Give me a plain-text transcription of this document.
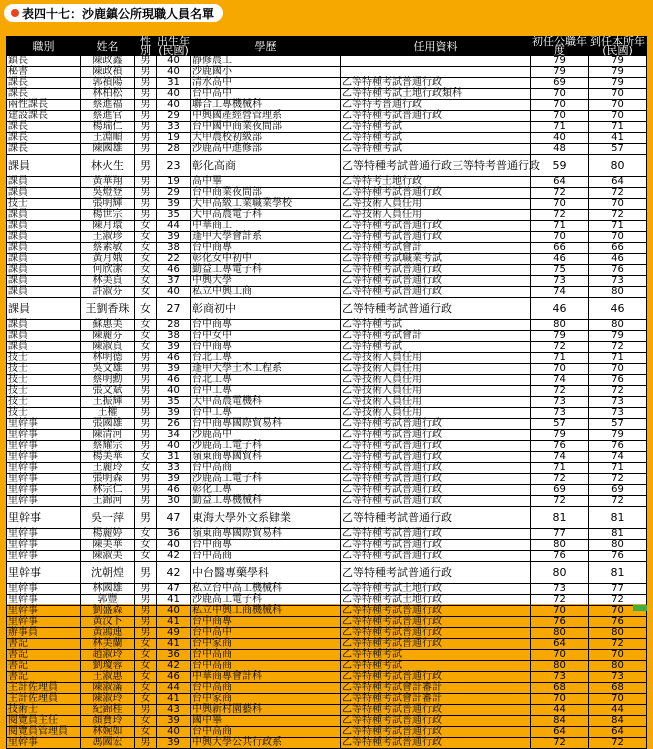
表四十七：沙鹿鎮公所現職人員名單
職別	姓名	性別	出生年(民國)	學歷	任用資料	初任公職年度	到任本所年(民國)
鎮長	陳政鑫	男	40	靜修農工		79	79
秘書	陳政禎	男	40	沙鹿國小		79	79
課長	郭禎陽	男	31	清水高中	乙等特種考試普通行政	69	79
課長	林柏松	男	40	台中高中	乙等特種考試土地行政類科	70	70
兩性課長	蔡進福	男	40	聯合工專機械科	乙等特考普通行政	70	70
建設課長	蔡進官	男	29	中興國產經營管理系	乙等特種考試普通行政	70	70
課長	楊瑞仁	男	33	台中國中商業夜間部	乙等特種考試	71	71
課長	王淵順	男	19	大甲農校初級部	乙等特種考試	40	41
課長	陳國雄	男	28	沙鹿高中進修部	乙等特種考試	48	57
課員	林火生	男	23	彰化高商	乙等特種考試普通行政三等特考普通行政	59	80
課員	黃華翔	男	19	高中畢	乙等特考土地行政	64	64
課員	吳燈登	男	29	台中商業夜間部	乙等特種考試普通行政	72	72
技士	張明輝	男	39	大甲高級工業職業學校	乙等技術人員任用	70	70
課員	楊世宗	男	35	大甲高農電子科	乙等技術人員任用	72	72
課員	陳月環	女	44	中華商工	乙等特種考試普通行政	71	71
課員	王淑珍	女	39	逢甲大學會計系	乙等特種考試普通行政	70	70
課員	蔡素敏	女	38	台中商專	乙等特種考試會計	66	66
課員	黃月娥	女	22	彰化女中初中	乙等特種考試職業考試	46	46
課員	何欣潔	女	46	勤益工專電子科	乙等特種考試普通行政	75	76
課員	林美貞	女	37	中興大學	乙等特種考試普通行政	73	73
課員	許淑芬	女	40	私立中興工商	乙等特種考試普通行政	74	80
課員	王劉香珠	女	27	彰商初中	乙等特種考試普通行政	46	46
課員	蘇惠美	女	28	台中商專	乙等特種考試	80	80
課員	陳麗芬	女	38	台中女中	乙等特種考試會計	79	79
課員	陳淑貞	女	39	台中商專	乙等特種考試	72	72
技士	林明德	男	46	台北工專	乙等技術人員任用	71	71
技士	吳文雄	男	39	逢甲大學土木工程系	乙等技術人員任用	70	70
技士	蔡明勳	男	46	台北工專	乙等技術人員任用	74	76
技士	張文斌	男	40	台中工專	乙等技術人員任用	72	72
技士	王振輝	男	35	大甲高農電機科	乙等技術人員任用	73	73
技士	王權	男	39	台中工專	乙等技術人員任用	73	73
里幹事	張國雄	男	26	台中商專國際貿易科	乙等特種考試普通行政	57	57
里幹事	陳清河	男	34	沙鹿高中	乙等特種考試普通行政	79	79
里幹事	蔡耀宗	男	40	沙鹿高工電子科	乙等特種考試普通行政	76	76
里幹事	楊美華	女	31	嶺東商專國貿科	乙等特種考試普通行政	74	74
里幹事	王麗玲	女	33	台中高商	乙等特種考試普通行政	71	71
里幹事	張明森	男	39	沙鹿高工電子科	乙等特種考試普通行政	72	72
里幹事	林宗仁	男	46	彰化工專	乙等特種考試普通行政	69	69
里幹事	王錦河	男	30	勤益工專機械科	乙等特種考試普通行政	72	72
里幹事	吳一萍	男	47	東海大學外文系肄業	乙等特種考試普通行政	81	81
里幹事	楊麗婷	女	36	嶺東商專國際貿易科	乙等特種考試普通行政	77	81
里幹事	陳美華	女	40	台中商專	乙等特種考試普通行政	80	80
里幹事	陳淑美	女	42	台中高商	乙等特種考試普通行政	76	76
里幹事	沈朝煌	男	42	中台醫專藥學科	乙等特種考試普通行政	80	81
里幹事	林國雄	男	47	私立台中高工機械科	乙等特種考試土地行政	73	77
里幹事	郭豐	男	41	沙鹿高工電子科	乙等特種考試土地行政	72	72
里幹事	劉盛森	男	40	私立中興工商機械科	乙等特種考試普通行政	70	70
里幹事	黃汶卜	男	41	台中商專	乙等特種考試普通行政	76	76
辦事員	黃鴻連	男	49	台中高中	乙等特種考試普通行政	80	80
書記	林美蘭	女	41	台中家商	乙等特種考試普通行政	64	72
書記	趙淑玲	女	36	台中高商	乙等特種考試	70	70
書記	劉瓊蓉	女	42	台中高商	乙等特種考試	80	80
書記	王淑惠	女	46	中華商專會計科	乙等特種考試普通行政	73	73
主計佐理員	陳淑滿	女	44	台中高商	乙等特種考試會計審計	68	68
主計佐理員	陳淑玲	女	41	台中家商	乙等特種考試會計審計	70	70
技術士	紀錦桂	男	43	中興新村園藝科	乙等特種考試普通行政	44	44
閱覽員主任	顏寶玲	女	39	國中畢	乙等特種考試普通行政	84	84
閱覽員管理員	林婉如	女	40	台中高商	乙等特種考試普通行政	64	64
里幹事	馮國宏	男	39	中興大學公共行政系	乙等特種考試普通行政	72	72
